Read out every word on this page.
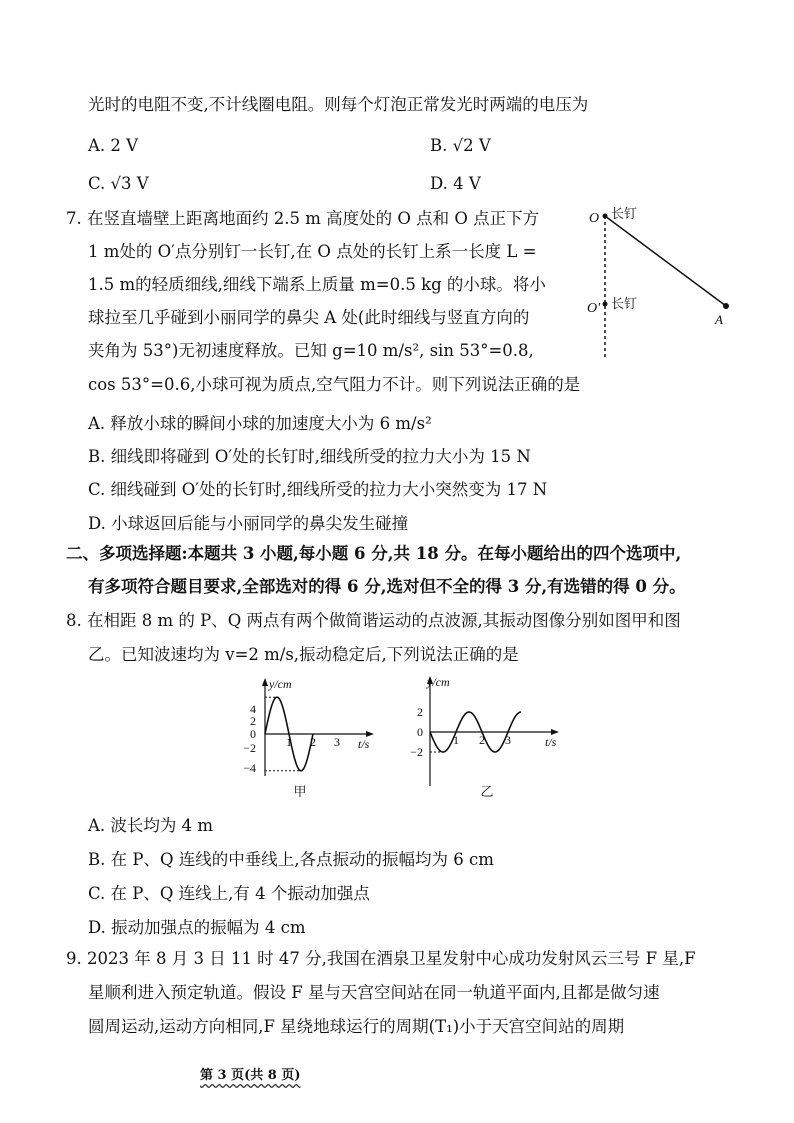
光时的电阻不变,不计线圈电阻。则每个灯泡正常发光时两端的电压为
A. 2 V	B. √2 V
C. √3 V	D. 4 V
7. 在竖直墙壁上距离地面约 2.5 m 高度处的 O 点和 O 点正下方
1 m处的 O′点分别钉一长钉,在 O 点处的长钉上系一长度 L =
1.5 m的轻质细线,细线下端系上质量 m=0.5 kg 的小球。将小
球拉至几乎碰到小丽同学的鼻尖 A 处(此时细线与竖直方向的
夹角为 53°)无初速度释放。已知 g=10 m/s², sin 53°=0.8,
cos 53°=0.6,小球可视为质点,空气阻力不计。则下列说法正确的是
A. 释放小球的瞬间小球的加速度大小为 6 m/s²
B. 细线即将碰到 O′处的长钉时,细线所受的拉力大小为 15 N
C. 细线碰到 O′处的长钉时,细线所受的拉力大小突然变为 17 N
D. 小球返回后能与小丽同学的鼻尖发生碰撞
O 长钉
O′ 长钉
A
二、多项选择题:本题共 3 小题,每小题 6 分,共 18 分。在每小题给出的四个选项中,
有多项符合题目要求,全部选对的得 6 分,选对但不全的得 3 分,有选错的得 0 分。
8. 在相距 8 m 的 P、Q 两点有两个做简谐运动的点波源,其振动图像分别如图甲和图
乙。已知波速均为 v=2 m/s,振动稳定后,下列说法正确的是
y/cm
t/s
4
2
0
−2
−4
1 2 3
甲
y/cm
t/s
2
0
−2
1 2 3
乙
A. 波长均为 4 m
B. 在 P、Q 连线的中垂线上,各点振动的振幅均为 6 cm
C. 在 P、Q 连线上,有 4 个振动加强点
D. 振动加强点的振幅为 4 cm
9. 2023 年 8 月 3 日 11 时 47 分,我国在酒泉卫星发射中心成功发射风云三号 F 星,F
星顺利进入预定轨道。假设 F 星与天宫空间站在同一轨道平面内,且都是做匀速
圆周运动,运动方向相同,F 星绕地球运行的周期(T₁)小于天宫空间站的周期
第 3 页(共 8 页)
